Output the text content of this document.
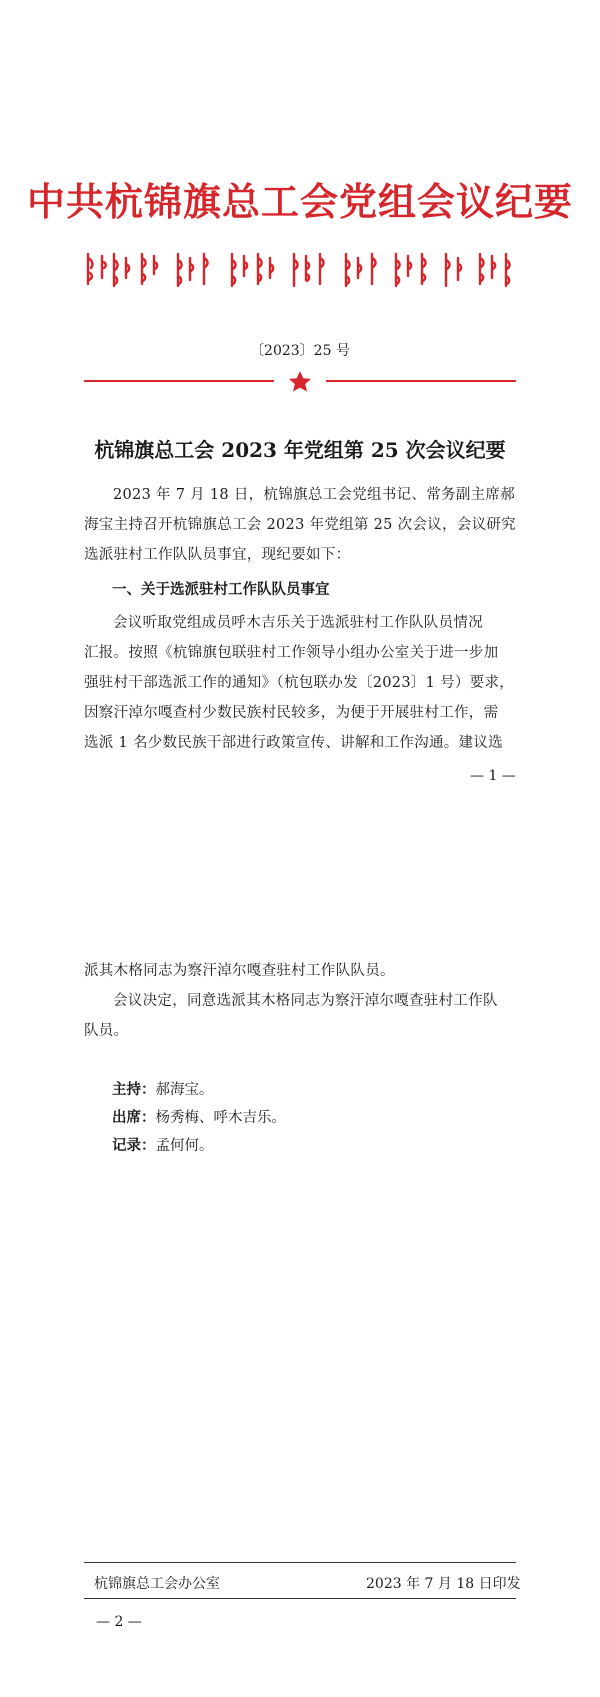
中共杭锦旗总工会党组会议纪要
〔2023〕25 号
杭锦旗总工会 2023 年党组第 25 次会议纪要
2023 年 7 月 18 日，杭锦旗总工会党组书记、常务副主席郝
海宝主持召开杭锦旗总工会 2023 年党组第 25 次会议，会议研究
选派驻村工作队队员事宜，现纪要如下：
一、关于选派驻村工作队队员事宜
会议听取党组成员呼木吉乐关于选派驻村工作队队员情况
汇报。按照《杭锦旗包联驻村工作领导小组办公室关于进一步加
强驻村干部选派工作的通知》（杭包联办发〔2023〕1 号）要求，
因察汗淖尔嘎查村少数民族村民较多，为便于开展驻村工作，需
选派 1 名少数民族干部进行政策宣传、讲解和工作沟通。建议选
— 1 —
派其木格同志为察汗淖尔嘎查驻村工作队队员。
会议决定，同意选派其木格同志为察汗淖尔嘎查驻村工作队
队员。
主持：郝海宝。
出席：杨秀梅、呼木吉乐。
记录：孟何何。
杭锦旗总工会办公室	2023 年 7 月 18 日印发
— 2 —
